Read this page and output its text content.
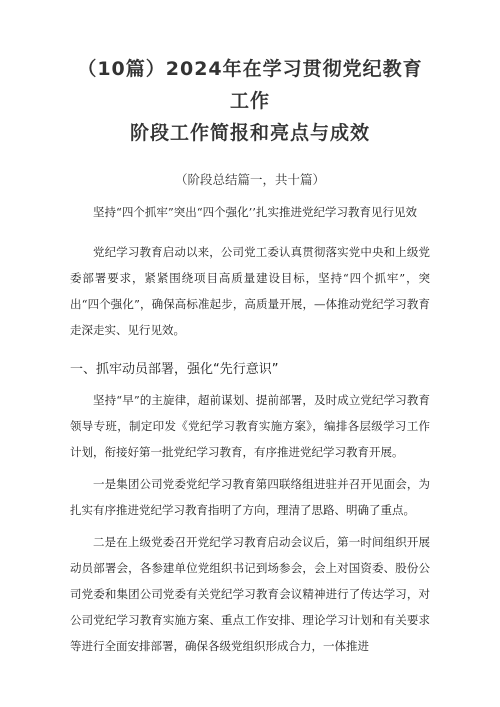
（10篇）2024年在学习贯彻党纪教育工作
阶段工作简报和亮点与成效

（阶段总结篇一，共十篇）

坚持“四个抓牢”突出“四个强化’’扎实推进党纪学习教育见行见效

党纪学习教育启动以来，公司党工委认真贯彻落实党中央和上级党委部署要求，紧紧围绕项目高质量建设目标，坚持“四个抓牢”，突出“四个强化”，确保高标准起步，高质量开展，—体推动党纪学习教育走深走实、见行见效。

一、抓牢动员部署，强化“先行意识”

坚持“早”的主旋律，超前谋划、提前部署，及时成立党纪学习教育领导专班，制定印发《党纪学习教育实施方案》，编排各层级学习工作计划，衔接好第一批党纪学习教育，有序推进党纪学习教育开展。

一是集团公司党委党纪学习教育第四联络组进驻并召开见面会，为扎实有序推进党纪学习教育指明了方向，理清了思路、明确了重点。

二是在上级党委召开党纪学习教育启动会议后，第一时间组织开展动员部署会，各参建单位党组织书记到场参会，会上对国资委、股份公司党委和集团公司党委有关党纪学习教育会议精神进行了传达学习，对公司党纪学习教育实施方案、重点工作安排、理论学习计划和有关要求等进行全面安排部署，确保各级党组织形成合力，一体推进
